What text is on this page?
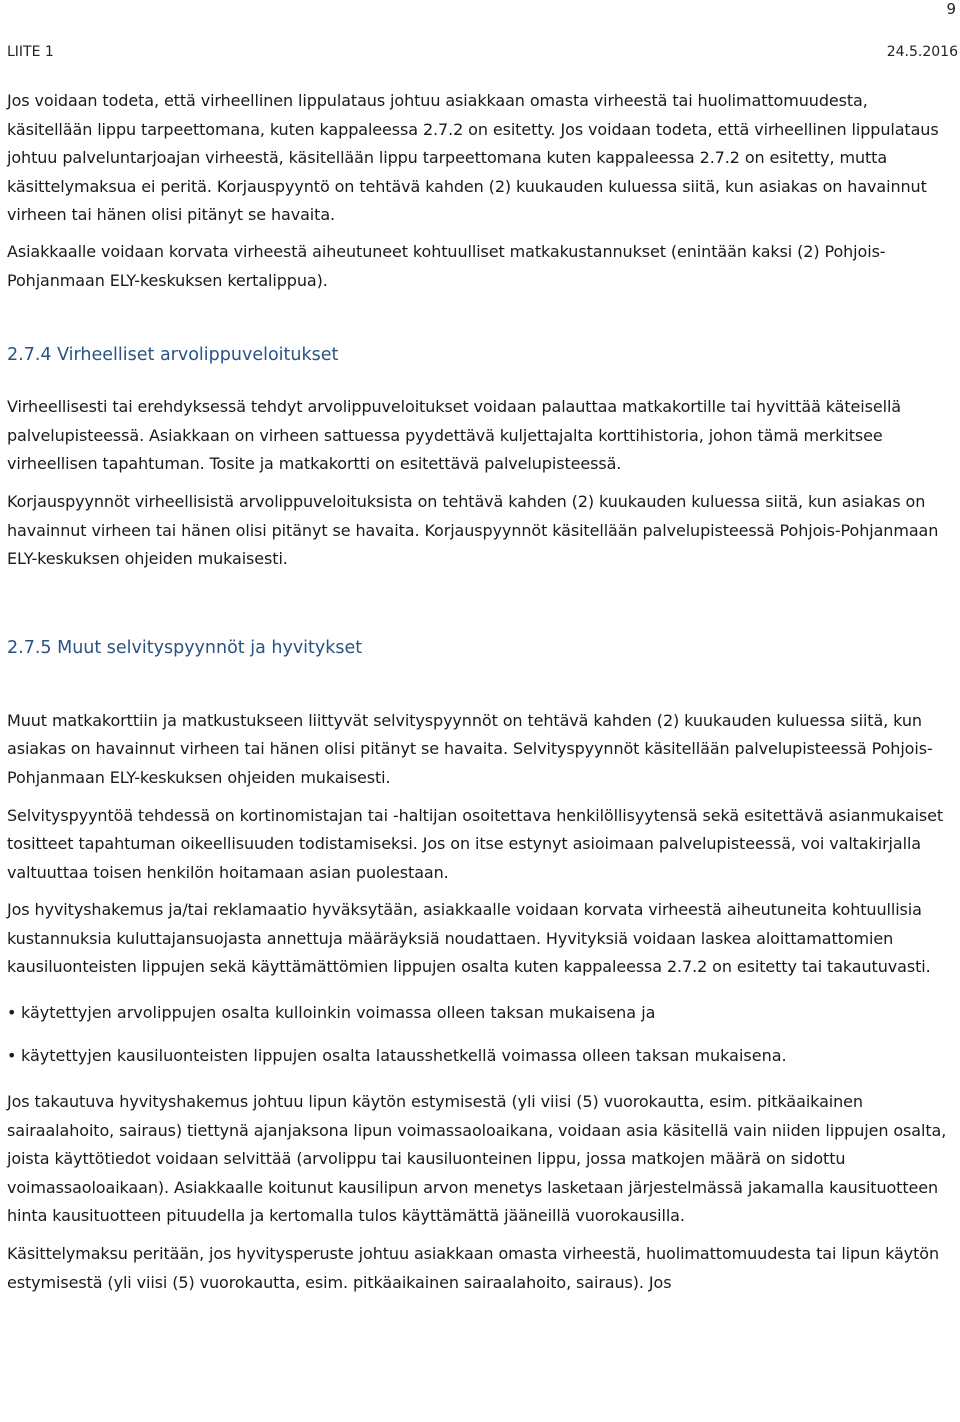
9
LIITE 1	24.5.2016

Jos voidaan todeta, että virheellinen lippulataus johtuu asiakkaan omasta virheestä tai huolimattomuudesta, käsitellään lippu tarpeettomana, kuten kappaleessa 2.7.2 on esitetty. Jos voidaan todeta, että virheellinen lippulataus johtuu palveluntarjoajan virheestä, käsitellään lippu tarpeettomana kuten kappaleessa 2.7.2 on esitetty, mutta käsittelymaksua ei peritä. Korjauspyyntö on tehtävä kahden (2) kuukauden kuluessa siitä, kun asiakas on havainnut virheen tai hänen olisi pitänyt se havaita.

Asiakkaalle voidaan korvata virheestä aiheutuneet kohtuulliset matkakustannukset (enintään kaksi (2) Pohjois-Pohjanmaan ELY-keskuksen kertalippua).

2.7.4 Virheelliset arvolippuveloitukset

Virheellisesti tai erehdyksessä tehdyt arvolippuveloitukset voidaan palauttaa matkakortille tai hyvittää käteisellä palvelupisteessä. Asiakkaan on virheen sattuessa pyydettävä kuljettajalta korttihistoria, johon tämä merkitsee virheellisen tapahtuman. Tosite ja matkakortti on esitettävä palvelupisteessä.

Korjauspyynnöt virheellisistä arvolippuveloituksista on tehtävä kahden (2) kuukauden kuluessa siitä, kun asiakas on havainnut virheen tai hänen olisi pitänyt se havaita. Korjauspyynnöt käsitellään palvelupisteessä Pohjois-Pohjanmaan ELY-keskuksen ohjeiden mukaisesti.

2.7.5 Muut selvityspyynnöt ja hyvitykset

Muut matkakorttiin ja matkustukseen liittyvät selvityspyynnöt on tehtävä kahden (2) kuukauden kuluessa siitä, kun asiakas on havainnut virheen tai hänen olisi pitänyt se havaita. Selvityspyynnöt käsitellään palvelupisteessä Pohjois-Pohjanmaan ELY-keskuksen ohjeiden mukaisesti.

Selvityspyyntöä tehdessä on kortinomistajan tai -haltijan osoitettava henkilöllisyytensä sekä esitettävä asianmukaiset tositteet tapahtuman oikeellisuuden todistamiseksi. Jos on itse estynyt asioimaan palvelupisteessä, voi valtakirjalla valtuuttaa toisen henkilön hoitamaan asian puolestaan.

Jos hyvityshakemus ja/tai reklamaatio hyväksytään, asiakkaalle voidaan korvata virheestä aiheutuneita kohtuullisia kustannuksia kuluttajansuojasta annettuja määräyksiä noudattaen. Hyvityksiä voidaan laskea aloittamattomien kausiluonteisten lippujen sekä käyttämättömien lippujen osalta kuten kappaleessa 2.7.2 on esitetty tai takautuvasti.

• käytettyjen arvolippujen osalta kulloinkin voimassa olleen taksan mukaisena ja
• käytettyjen kausiluonteisten lippujen osalta latausshetkellä voimassa olleen taksan mukaisena.

Jos takautuva hyvityshakemus johtuu lipun käytön estymisestä (yli viisi (5) vuorokautta, esim. pitkäaikainen sairaalahoito, sairaus) tiettynä ajanjaksona lipun voimassaoloaikana, voidaan asia käsitellä vain niiden lippujen osalta, joista käyttötiedot voidaan selvittää (arvolippu tai kausiluonteinen lippu, jossa matkojen määrä on sidottu voimassaoloaikaan). Asiakkaalle koitunut kausilipun arvon menetys lasketaan järjestelmässä jakamalla kausituotteen hinta kausituotteen pituudella ja kertomalla tulos käyttämättä jääneillä vuorokausilla.

Käsittelymaksu peritään, jos hyvitysperuste johtuu asiakkaan omasta virheestä, huolimattomuudesta tai lipun käytön estymisestä (yli viisi (5) vuorokautta, esim. pitkäaikainen sairaalahoito, sairaus). Jos
